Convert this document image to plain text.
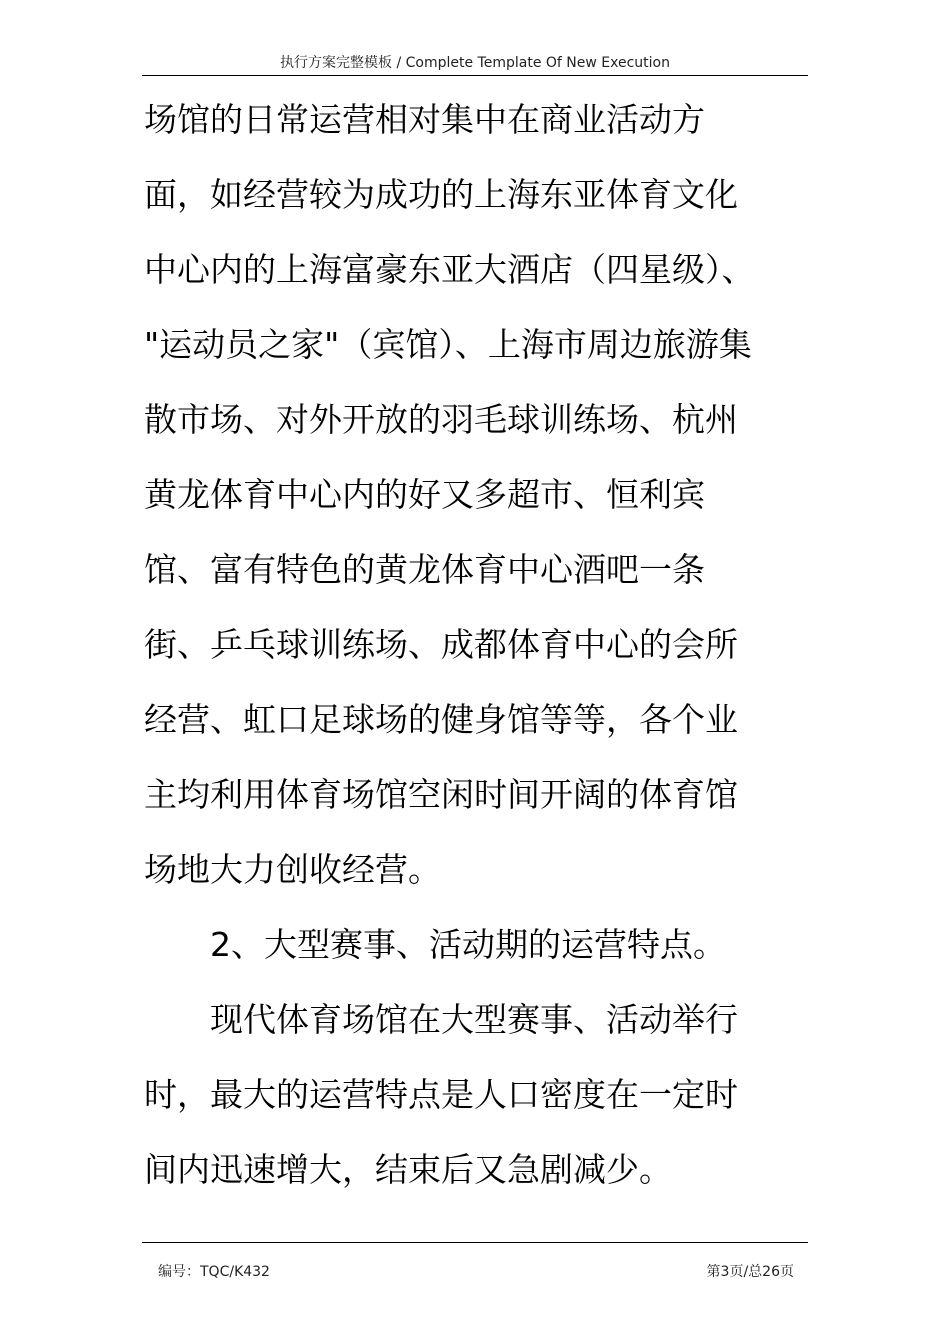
执行方案完整模板 / Complete Template Of New Execution
场馆的日常运营相对集中在商业活动方
面，如经营较为成功的上海东亚体育文化
中心内的上海富豪东亚大酒店（四星级）、
"运动员之家"（宾馆）、上海市周边旅游集
散市场、对外开放的羽毛球训练场、杭州
黄龙体育中心内的好又多超市、恒利宾
馆、富有特色的黄龙体育中心酒吧一条
街、乒乓球训练场、成都体育中心的会所
经营、虹口足球场的健身馆等等，各个业
主均利用体育场馆空闲时间开阔的体育馆
场地大力创收经营。
2、大型赛事、活动期的运营特点。
现代体育场馆在大型赛事、活动举行
时，最大的运营特点是人口密度在一定时
间内迅速增大，结束后又急剧减少。
编号：TQC/K432	第3页/总26页
